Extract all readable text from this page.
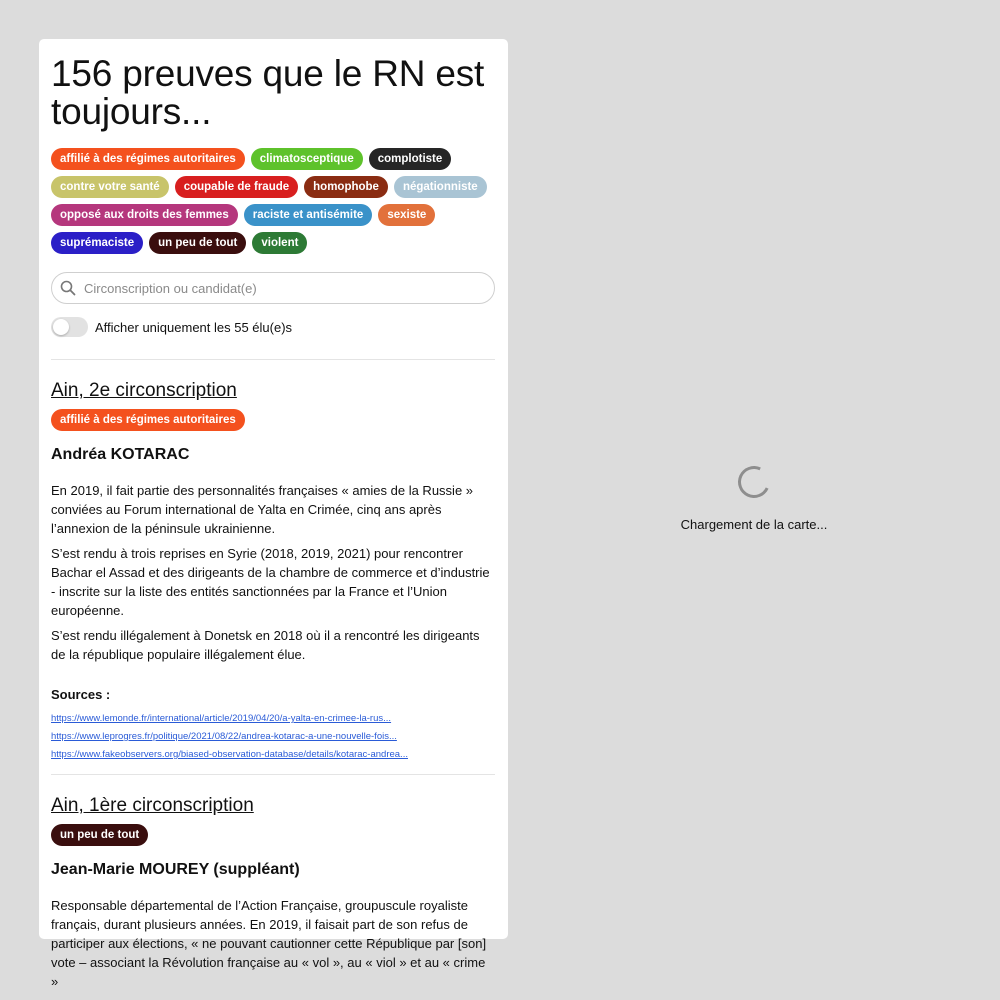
156 preuves que le RN est toujours...
affilié à des régimes autoritaires	climatosceptique	complotiste
contre votre santé	coupable de fraude	homophobe	négationniste
opposé aux droits des femmes	raciste et antisémite	sexiste
suprémaciste	un peu de tout	violent
Circonscription ou candidat(e)
Afficher uniquement les 55 élu(e)s
Ain, 2e circonscription
affilié à des régimes autoritaires
Andréa KOTARAC

En 2019, il fait partie des personnalités françaises « amies de la Russie » conviées au Forum international de Yalta en Crimée, cinq ans après l’annexion de la péninsule ukrainienne.

S’est rendu à trois reprises en Syrie (2018, 2019, 2021) pour rencontrer Bachar el Assad et des dirigeants de la chambre de commerce et d’industrie - inscrite sur la liste des entités sanctionnées par la France et l’Union européenne.

S’est rendu illégalement à Donetsk en 2018 où il a rencontré les dirigeants de la république populaire illégalement élue.

Sources :
https://www.lemonde.fr/international/article/2019/04/20/a-yalta-en-crimee-la-rus...
https://www.leprogres.fr/politique/2021/08/22/andrea-kotarac-a-une-nouvelle-fois...
https://www.fakeobservers.org/biased-observation-database/details/kotarac-andrea...
Ain, 1ère circonscription
un peu de tout
Jean-Marie MOUREY (suppléant)

Responsable départemental de l’Action Française, groupuscule royaliste français, durant plusieurs années. En 2019, il faisait part de son refus de participer aux élections, « ne pouvant cautionner cette République par [son] vote – associant la Révolution française au « vol », au « viol » et au « crime »

Chargement de la carte...
